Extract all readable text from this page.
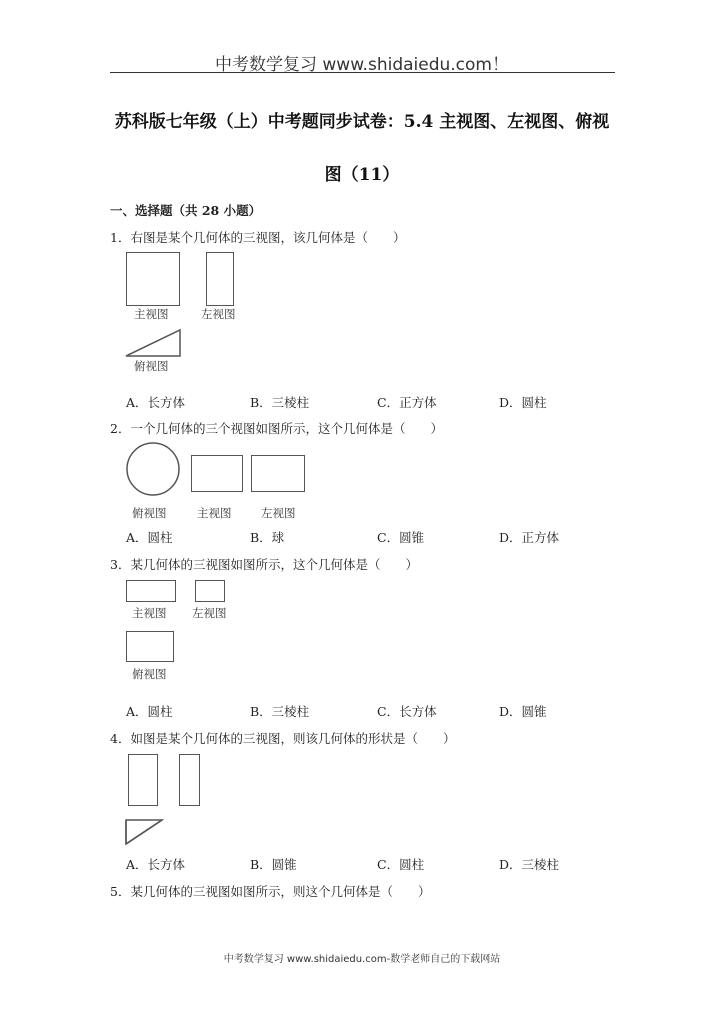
中考数学复习 www.shidaiedu.com！
苏科版七年级（上）中考题同步试卷：5.4 主视图、左视图、俯视
图（11）
一、选择题（共 28 小题）
1．右图是某个几何体的三视图，该几何体是（　　）
主视图	左视图
俯视图
A．长方体	B．三棱柱	C．正方体	D．圆柱
2．一个几何体的三个视图如图所示，这个几何体是（　　）
俯视图	主视图	左视图
A．圆柱	B．球	C．圆锥	D．正方体
3．某几何体的三视图如图所示，这个几何体是（　　）
主视图 左视图
俯视图
A．圆柱	B．三棱柱	C．长方体	D．圆锥
4．如图是某个几何体的三视图，则该几何体的形状是（　　）
A．长方体	B．圆锥	C．圆柱	D．三棱柱
5．某几何体的三视图如图所示，则这个几何体是（　　）
中考数学复习 www.shidaiedu.com-数学老师自己的下载网站
